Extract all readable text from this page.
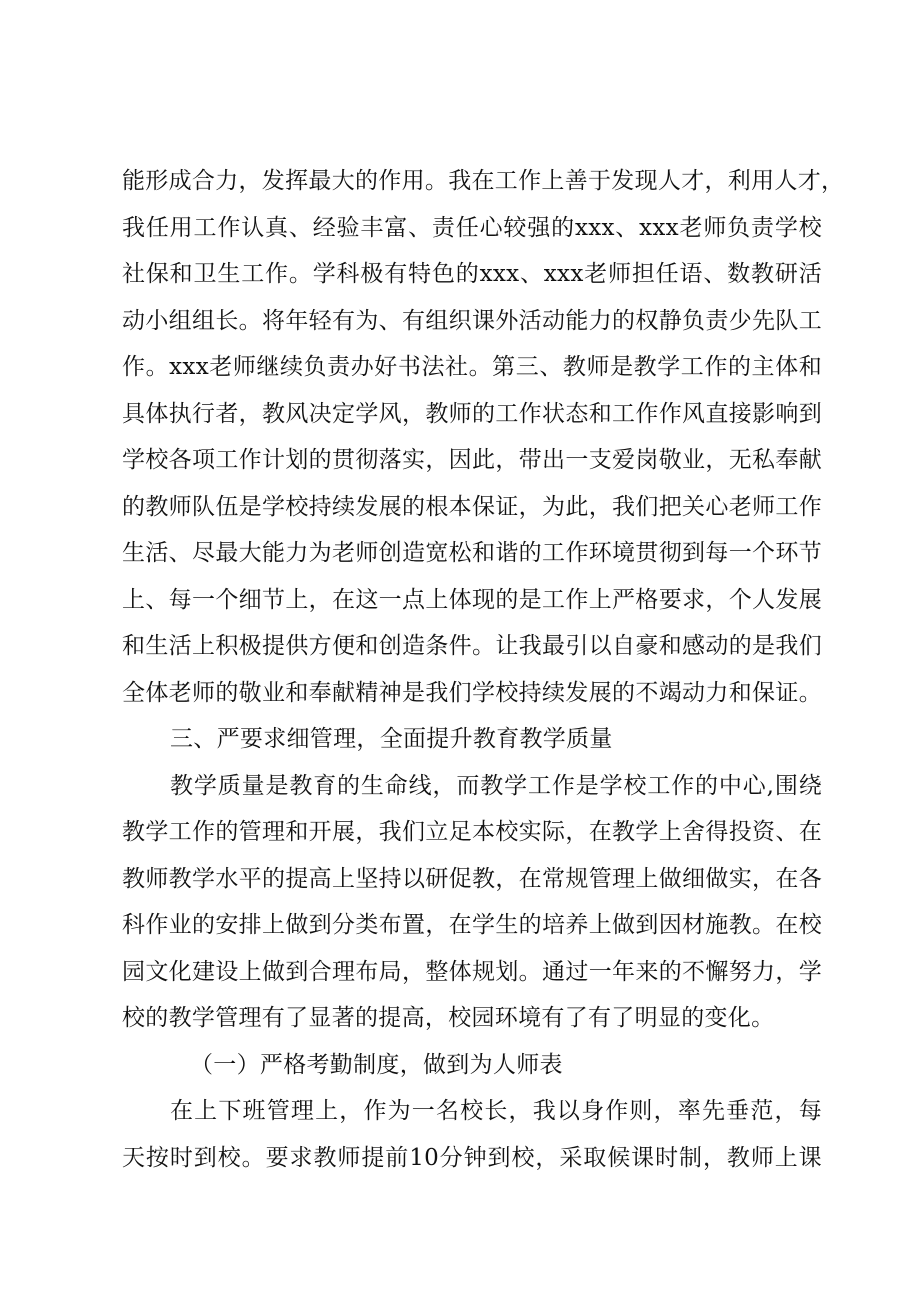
能形成合力，发挥最大的作用。我在工作上善于发现人才，利用人才，
我任用工作认真、经验丰富、责任心较强的xxx、xxx老师负责学校
社保和卫生工作。学科极有特色的xxx、xxx老师担任语、数教研活
动小组组长。将年轻有为、有组织课外活动能力的权静负责少先队工
作。xxx老师继续负责办好书法社。第三、教师是教学工作的主体和
具体执行者，教风决定学风，教师的工作状态和工作作风直接影响到
学校各项工作计划的贯彻落实，因此，带出一支爱岗敬业，无私奉献
的教师队伍是学校持续发展的根本保证，为此，我们把关心老师工作
生活、尽最大能力为老师创造宽松和谐的工作环境贯彻到每一个环节
上、每一个细节上，在这一点上体现的是工作上严格要求，个人发展
和生活上积极提供方便和创造条件。让我最引以自豪和感动的是我们
全体老师的敬业和奉献精神是我们学校持续发展的不竭动力和保证。
三、严要求细管理，全面提升教育教学质量
教学质量是教育的生命线，而教学工作是学校工作的中心,围绕
教学工作的管理和开展，我们立足本校实际，在教学上舍得投资、在
教师教学水平的提高上坚持以研促教，在常规管理上做细做实，在各
科作业的安排上做到分类布置，在学生的培养上做到因材施教。在校
园文化建设上做到合理布局，整体规划。通过一年来的不懈努力，学
校的教学管理有了显著的提高，校园环境有了有了明显的变化。
（一）严格考勤制度，做到为人师表
在上下班管理上，作为一名校长，我以身作则，率先垂范，每
天按时到校。要求教师提前10分钟到校，采取候课时制，教师上课
